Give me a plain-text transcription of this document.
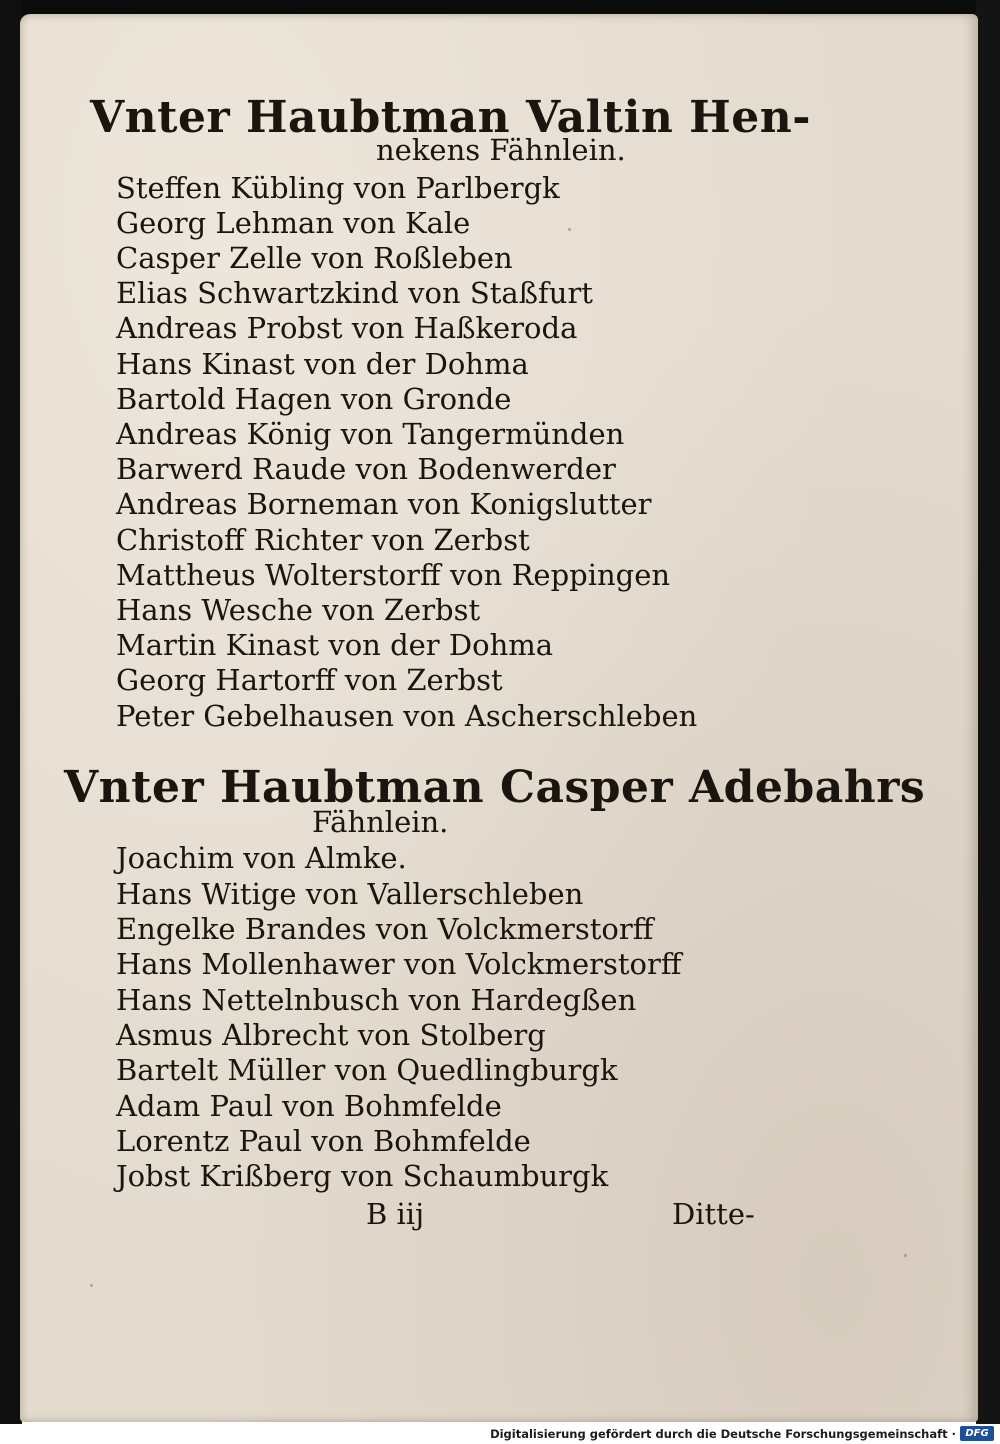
Vnter Haubtman Valtin Hen-
nekens Fähnlein.
Steffen Kübling von Parlbergk
Georg Lehman von Kale
Casper Zelle von Roßleben
Elias Schwartzkind von Staßfurt
Andreas Probst von Haßkeroda
Hans Kinast von der Dohma
Bartold Hagen von Gronde
Andreas König von Tangermünden
Barwerd Raude von Bodenwerder
Andreas Borneman von Konigslutter
Christoff Richter von Zerbst
Mattheus Wolterstorff von Reppingen
Hans Wesche von Zerbst
Martin Kinast von der Dohma
Georg Hartorff von Zerbst
Peter Gebelhausen von Ascherschleben
Vnter Haubtman Casper Adebahrs
Fähnlein.
Joachim von Almke.
Hans Witige von Vallerschleben
Engelke Brandes von Volckmerstorff
Hans Mollenhawer von Volckmerstorff
Hans Nettelnbusch von Hardegßen
Asmus Albrecht von Stolberg
Bartelt Müller von Quedlingburgk
Adam Paul von Bohmfelde
Lorentz Paul von Bohmfelde
Jobst Krißberg von Schaumburgk
B iij	Ditte-
Digitalisierung gefördert durch die Deutsche Forschungsgemeinschaft · DFG
